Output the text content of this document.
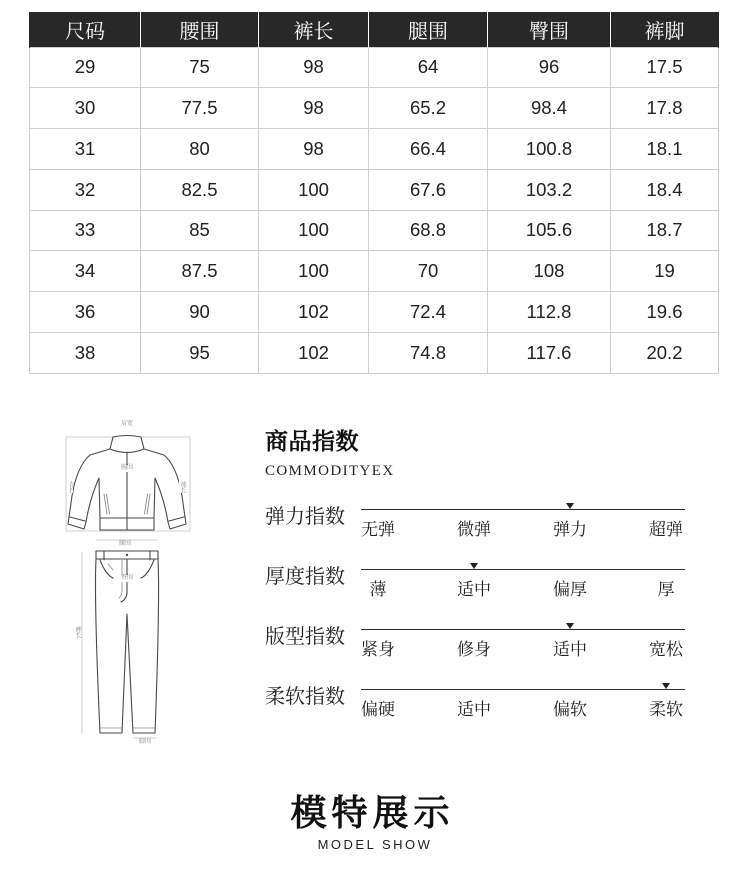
尺码	腰围	裤长	腿围	臀围	裤脚
29	75	98	64	96	17.5
30	77.5	98	65.2	98.4	17.8
31	80	98	66.4	100.8	18.1
32	82.5	100	67.6	103.2	18.4
33	85	100	68.8	105.6	18.7
34	87.5	100	70	108	19
36	90	102	72.4	112.8	19.6
38	95	102	74.8	117.6	20.2
肩宽
胸围
袖长
衣长
腰围
臀围
裤长
脚围
商品指数
COMMODITYEX
弹力指数
无弹	微弹	弹力	超弹
厚度指数
薄	适中	偏厚	厚
版型指数
紧身	修身	适中	宽松
柔软指数
偏硬	适中	偏软	柔软
模特展示
MODEL SHOW
